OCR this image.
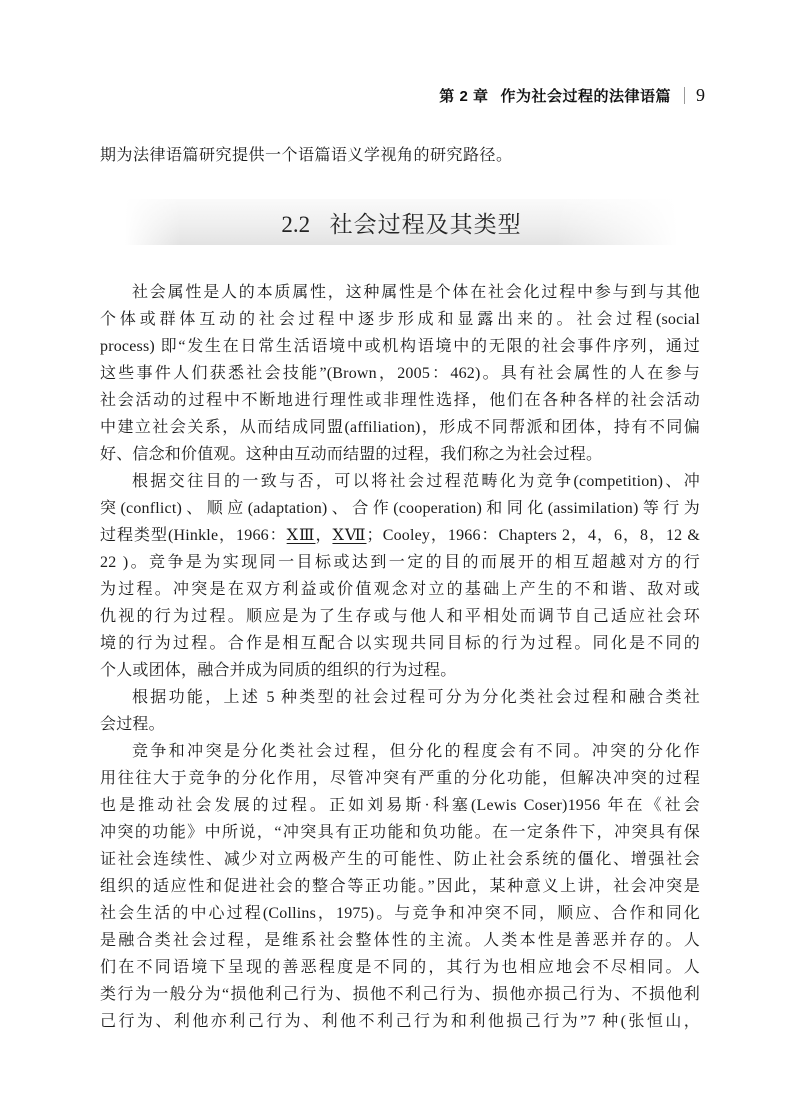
第 2 章 作为社会过程的法律语篇 9
期为法律语篇研究提供一个语篇语义学视角的研究路径。
2.2 社会过程及其类型
社会属性是人的本质属性，这种属性是个体在社会化过程中参与到与其他
个体或群体互动的社会过程中逐步形成和显露出来的。社会过程(social
process) 即“发生在日常生活语境中或机构语境中的无限的社会事件序列，通过
这些事件人们获悉社会技能”(Brown，2005：462)。具有社会属性的人在参与
社会活动的过程中不断地进行理性或非理性选择，他们在各种各样的社会活动
中建立社会关系，从而结成同盟(affiliation)，形成不同帮派和团体，持有不同偏
好、信念和价值观。这种由互动而结盟的过程，我们称之为社会过程。
根据交往目的一致与否，可以将社会过程范畴化为竞争(competition)、冲
突(conflict)、顺应(adaptation)、合作(cooperation)和同化(assimilation)等行为
过程类型(Hinkle，1966：ⅩⅢ，ⅩⅦ；Cooley，1966：Chapters 2，4，6，8，12 &
22 )。竞争是为实现同一目标或达到一定的目的而展开的相互超越对方的行
为过程。冲突是在双方利益或价值观念对立的基础上产生的不和谐、敌对或
仇视的行为过程。顺应是为了生存或与他人和平相处而调节自己适应社会环
境的行为过程。合作是相互配合以实现共同目标的行为过程。同化是不同的
个人或团体，融合并成为同质的组织的行为过程。
根据功能，上述 5 种类型的社会过程可分为分化类社会过程和融合类社
会过程。
竞争和冲突是分化类社会过程，但分化的程度会有不同。冲突的分化作
用往往大于竞争的分化作用，尽管冲突有严重的分化功能，但解决冲突的过程
也是推动社会发展的过程。正如刘易斯·科塞(Lewis Coser)1956 年在《社会
冲突的功能》中所说，“冲突具有正功能和负功能。在一定条件下，冲突具有保
证社会连续性、减少对立两极产生的可能性、防止社会系统的僵化、增强社会
组织的适应性和促进社会的整合等正功能。”因此，某种意义上讲，社会冲突是
社会生活的中心过程(Collins，1975)。与竞争和冲突不同，顺应、合作和同化
是融合类社会过程，是维系社会整体性的主流。人类本性是善恶并存的。人
们在不同语境下呈现的善恶程度是不同的，其行为也相应地会不尽相同。人
类行为一般分为“损他利己行为、损他不利己行为、损他亦损己行为、不损他利
己行为、利他亦利己行为、利他不利己行为和利他损己行为”7 种(张恒山，
